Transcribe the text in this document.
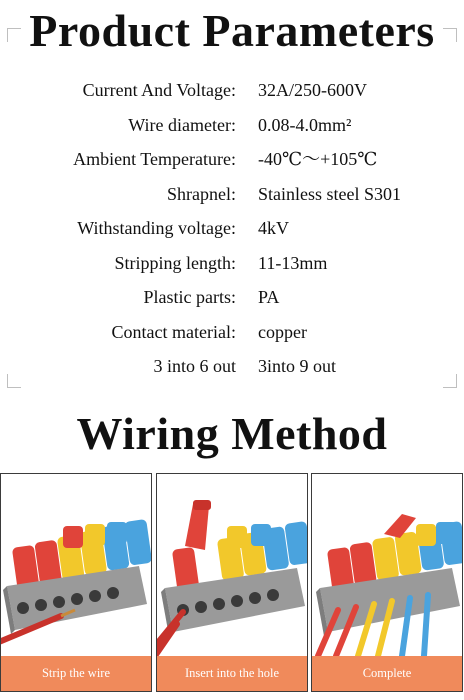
Product Parameters
Current And Voltage: 32A/250-600V
Wire diameter: 0.08-4.0mm²
Ambient Temperature: -40℃～+105℃
Shrapnel: Stainless steel S301
Withstanding voltage: 4kV
Stripping length: 11-13mm
Plastic parts: PA
Contact material: copper
3 into 6 out 3into 9 out
Wiring Method
Strip the wire	Insert into the hole	Complete
